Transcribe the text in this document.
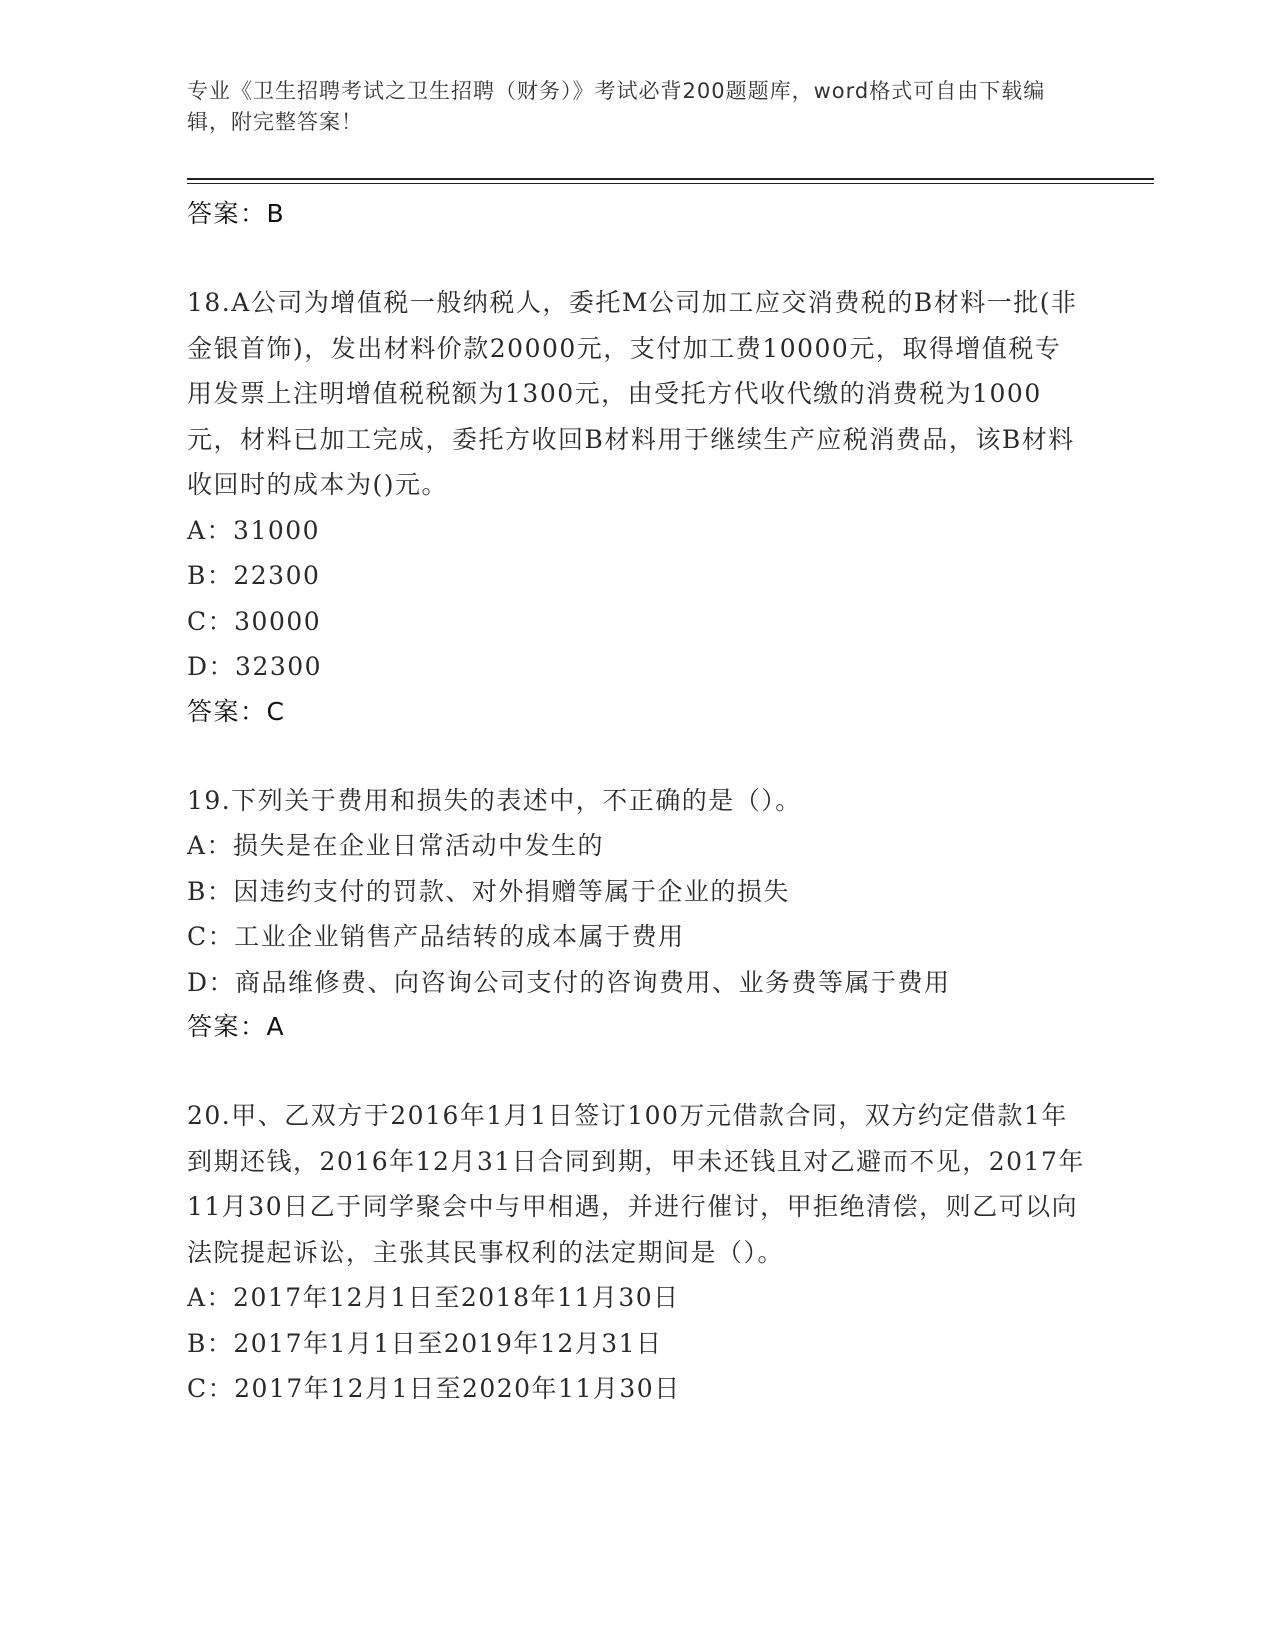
专业《卫生招聘考试之卫生招聘（财务）》考试必背200题题库，word格式可自由下载编辑，附完整答案！
答案：B
18.A公司为增值税一般纳税人，委托M公司加工应交消费税的B材料一批(非金银首饰)，发出材料价款20000元，支付加工费10000元，取得增值税专用发票上注明增值税税额为1300元，由受托方代收代缴的消费税为1000元，材料已加工完成，委托方收回B材料用于继续生产应税消费品，该B材料收回时的成本为()元。
A：31000
B：22300
C：30000
D：32300
答案：C
19.下列关于费用和损失的表述中，不正确的是（）。
A：损失是在企业日常活动中发生的
B：因违约支付的罚款、对外捐赠等属于企业的损失
C：工业企业销售产品结转的成本属于费用
D：商品维修费、向咨询公司支付的咨询费用、业务费等属于费用
答案：A
20.甲、乙双方于2016年1月1日签订100万元借款合同，双方约定借款1年到期还钱，2016年12月31日合同到期，甲未还钱且对乙避而不见，2017年11月30日乙于同学聚会中与甲相遇，并进行催讨，甲拒绝清偿，则乙可以向法院提起诉讼，主张其民事权利的法定期间是（）。
A：2017年12月1日至2018年11月30日
B：2017年1月1日至2019年12月31日
C：2017年12月1日至2020年11月30日
